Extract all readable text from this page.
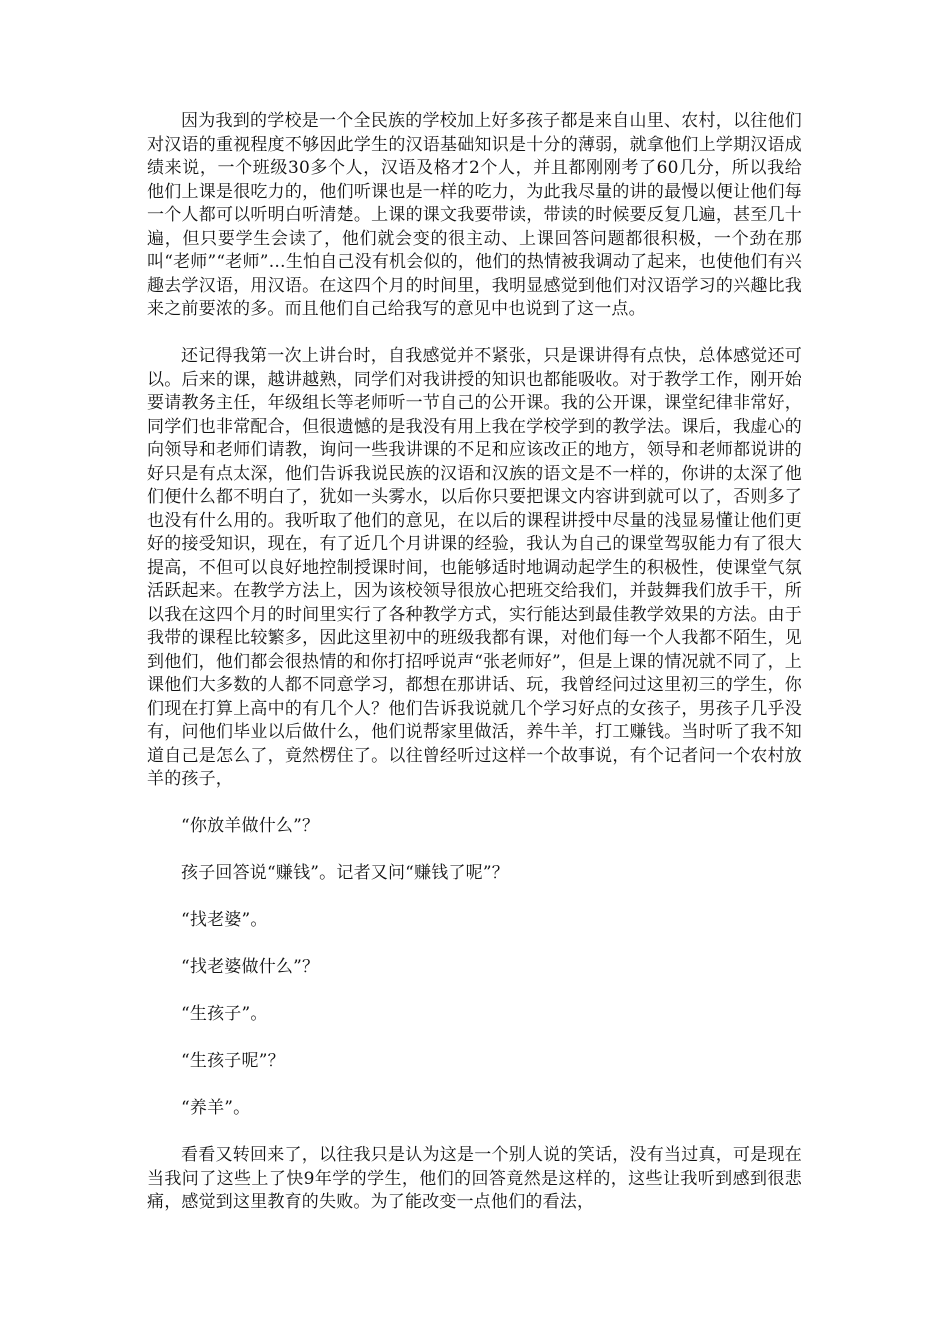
因为我到的学校是一个全民族的学校加上好多孩子都是来自山里、农村，以往他们对汉语的重视程度不够因此学生的汉语基础知识是十分的薄弱，就拿他们上学期汉语成绩来说，一个班级30多个人，汉语及格才2个人，并且都刚刚考了60几分，所以我给他们上课是很吃力的，他们听课也是一样的吃力，为此我尽量的讲的最慢以便让他们每一个人都可以听明白听清楚。上课的课文我要带读，带读的时候要反复几遍，甚至几十遍，但只要学生会读了，他们就会变的很主动、上课回答问题都很积极，一个劲在那叫“老师”“老师”…生怕自己没有机会似的，他们的热情被我调动了起来，也使他们有兴趣去学汉语，用汉语。在这四个月的时间里，我明显感觉到他们对汉语学习的兴趣比我来之前要浓的多。而且他们自己给我写的意见中也说到了这一点。

还记得我第一次上讲台时，自我感觉并不紧张，只是课讲得有点快，总体感觉还可以。后来的课，越讲越熟，同学们对我讲授的知识也都能吸收。对于教学工作，刚开始要请教务主任，年级组长等老师听一节自己的公开课。我的公开课，课堂纪律非常好，同学们也非常配合，但很遗憾的是我没有用上我在学校学到的教学法。课后，我虚心的向领导和老师们请教，询问一些我讲课的不足和应该改正的地方，领导和老师都说讲的好只是有点太深，他们告诉我说民族的汉语和汉族的语文是不一样的，你讲的太深了他们便什么都不明白了，犹如一头雾水，以后你只要把课文内容讲到就可以了，否则多了也没有什么用的。我听取了他们的意见，在以后的课程讲授中尽量的浅显易懂让他们更好的接受知识，现在，有了近几个月讲课的经验，我认为自己的课堂驾驭能力有了很大提高，不但可以良好地控制授课时间，也能够适时地调动起学生的积极性，使课堂气氛活跃起来。在教学方法上，因为该校领导很放心把班交给我们，并鼓舞我们放手干，所以我在这四个月的时间里实行了各种教学方式，实行能达到最佳教学效果的方法。由于我带的课程比较繁多，因此这里初中的班级我都有课，对他们每一个人我都不陌生，见到他们，他们都会很热情的和你打招呼说声“张老师好”，但是上课的情况就不同了，上课他们大多数的人都不同意学习，都想在那讲话、玩，我曾经问过这里初三的学生，你们现在打算上高中的有几个人？他们告诉我说就几个学习好点的女孩子，男孩子几乎没有，问他们毕业以后做什么，他们说帮家里做活，养牛羊，打工赚钱。当时听了我不知道自己是怎么了，竟然楞住了。以往曾经听过这样一个故事说，有个记者问一个农村放羊的孩子，

“你放羊做什么”？

孩子回答说“赚钱”。记者又问“赚钱了呢”？

“找老婆”。

“找老婆做什么”？

“生孩子”。

“生孩子呢”？

“养羊”。

看看又转回来了，以往我只是认为这是一个别人说的笑话，没有当过真，可是现在当我问了这些上了快9年学的学生，他们的回答竟然是这样的，这些让我听到感到很悲痛，感觉到这里教育的失败。为了能改变一点他们的看法，
